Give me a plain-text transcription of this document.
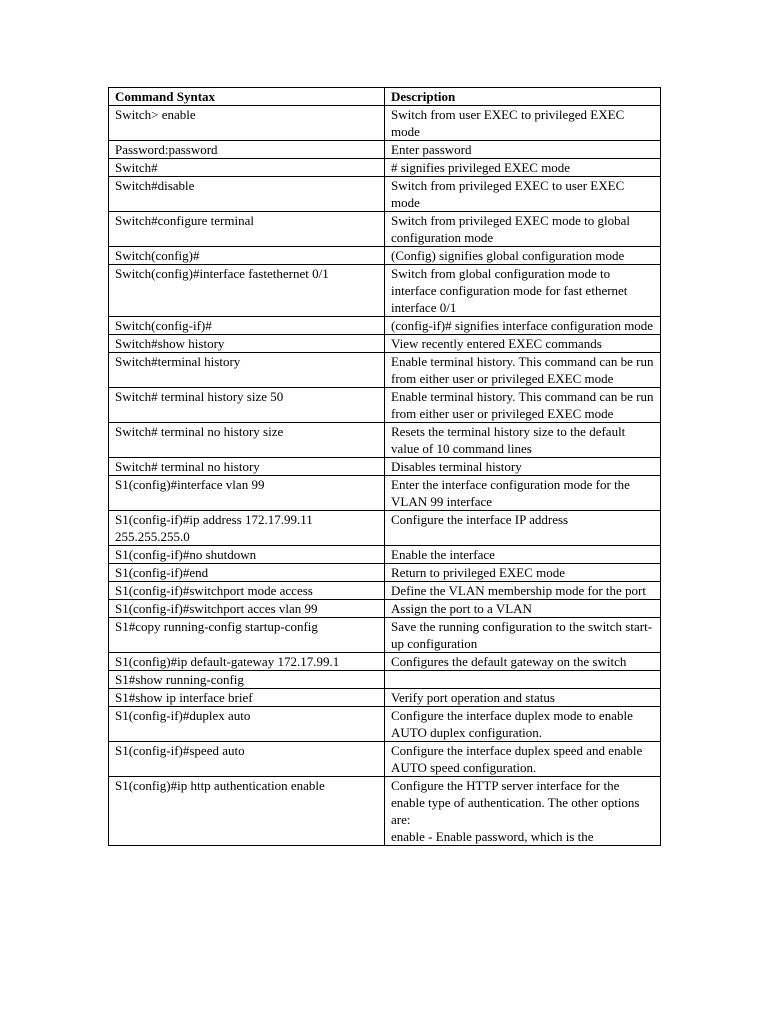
Command Syntax	Description
Switch> enable	Switch from user EXEC to privileged EXEC mode
Password:password	Enter password
Switch#	# signifies privileged EXEC mode
Switch#disable	Switch from privileged EXEC to user EXEC mode
Switch#configure terminal	Switch from privileged EXEC mode to global configuration mode
Switch(config)#	(Config) signifies global configuration mode
Switch(config)#interface fastethernet 0/1	Switch from global configuration mode to interface configuration mode for fast ethernet interface 0/1
Switch(config-if)#	(config-if)# signifies interface configuration mode
Switch#show history	View recently entered EXEC commands
Switch#terminal history	Enable terminal history. This command can be run from either user or privileged EXEC mode
Switch# terminal history size 50	Enable terminal history. This command can be run from either user or privileged EXEC mode
Switch# terminal no history size	Resets the terminal history size to the default value of 10 command lines
Switch# terminal no history	Disables terminal history
S1(config)#interface vlan 99	Enter the interface configuration mode for the VLAN 99 interface
S1(config-if)#ip address 172.17.99.11 255.255.255.0	Configure the interface IP address
S1(config-if)#no shutdown	Enable the interface
S1(config-if)#end	Return to privileged EXEC mode
S1(config-if)#switchport mode access	Define the VLAN membership mode for the port
S1(config-if)#switchport acces vlan 99	Assign the port to a VLAN
S1#copy running-config startup-config	Save the running configuration to the switch start-up configuration
S1(config)#ip default-gateway 172.17.99.1	Configures the default gateway on the switch
S1#show running-config	
S1#show ip interface brief	Verify port operation and status
S1(config-if)#duplex auto	Configure the interface duplex mode to enable AUTO duplex configuration.
S1(config-if)#speed auto	Configure the interface duplex speed and enable AUTO speed configuration.
S1(config)#ip http authentication enable	Configure the HTTP server interface for the enable type of authentication. The other options are:
enable - Enable password, which is the
